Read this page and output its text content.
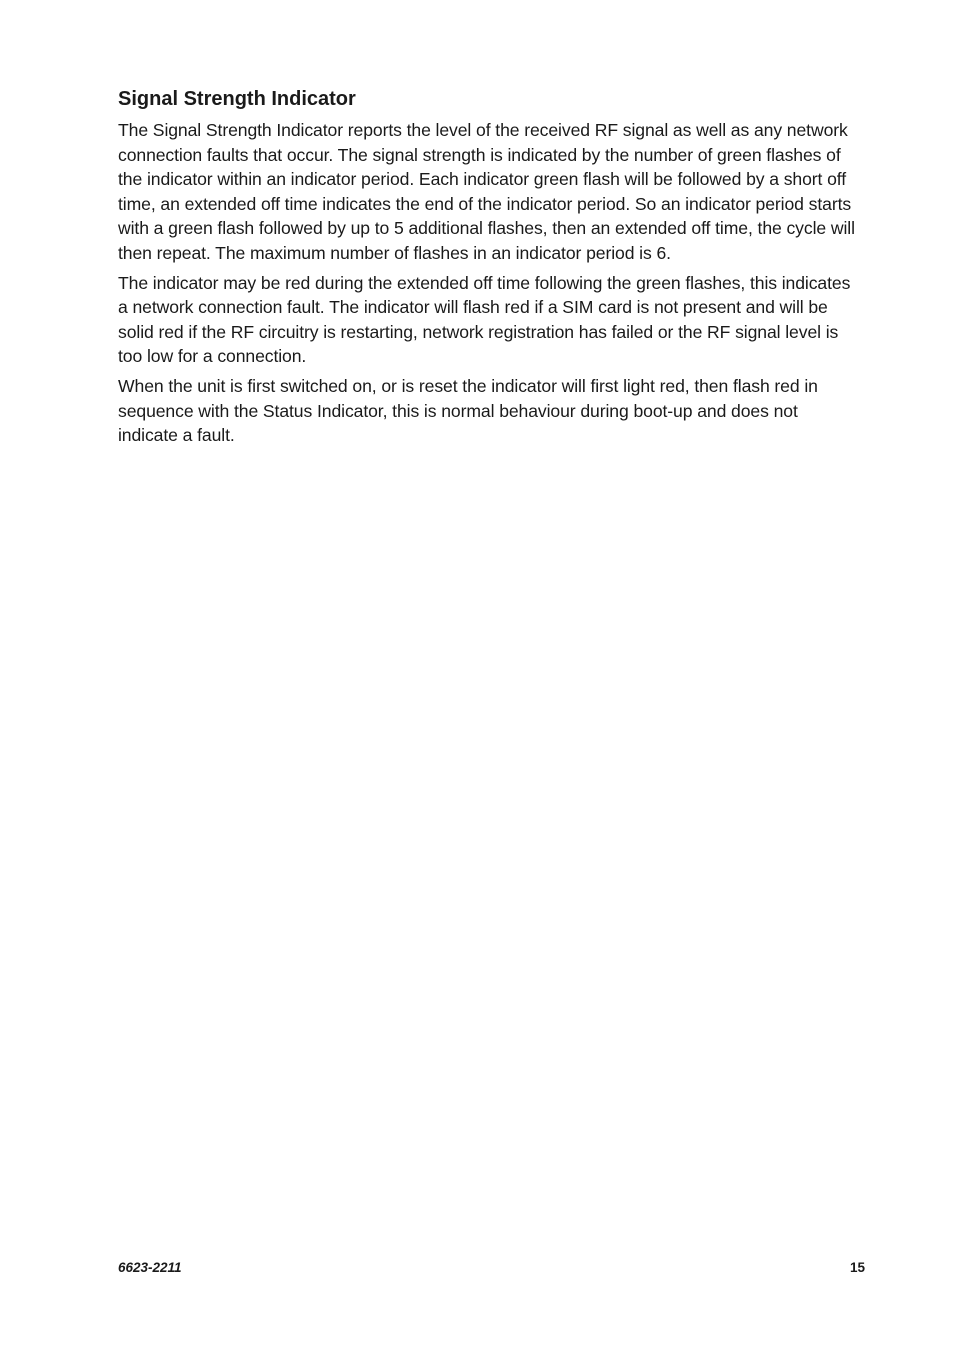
Signal Strength Indicator

The Signal Strength Indicator reports the level of the received RF signal as well as any network connection faults that occur. The signal strength is indicated by the number of green flashes of the indicator within an indicator period. Each indicator green flash will be followed by a short off time, an extended off time indicates the end of the indicator period. So an indicator period starts with a green flash followed by up to 5 additional flashes, then an extended off time, the cycle will then repeat. The maximum number of flashes in an indicator period is 6.

The indicator may be red during the extended off time following the green flashes, this indicates a network connection fault. The indicator will flash red if a SIM card is not present and will be solid red if the RF circuitry is restarting, network registration has failed or the RF signal level is too low for a connection.

When the unit is first switched on, or is reset the indicator will first light red, then flash red in sequence with the Status Indicator, this is normal behaviour during boot-up and does not indicate a fault.

6623-2211	15
